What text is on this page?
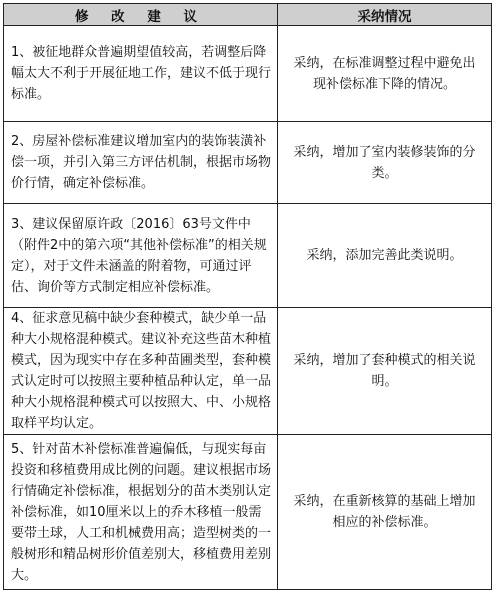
修 改 建 议	采纳情况
1、被征地群众普遍期望值较高，若调整后降幅太大不利于开展征地工作，建议不低于现行标准。	采纳，在标准调整过程中避免出现补偿标准下降的情况。
2、房屋补偿标准建议增加室内的装饰装潢补偿一项，并引入第三方评估机制，根据市场物价行情，确定补偿标准。	采纳，增加了室内装修装饰的分类。
3、建议保留原许政〔2016〕63号文件中（附件2中的第六项“其他补偿标准”的相关规定），对于文件未涵盖的附着物，可通过评估、询价等方式制定相应补偿标准。	采纳，添加完善此类说明。
4、征求意见稿中缺少套种模式，缺少单一品种大小规格混种模式。建议补充这些苗木种植模式，因为现实中存在多种苗圃类型，套种模式认定时可以按照主要种植品种认定，单一品种大小规格混种模式可以按照大、中、小规格取样平均认定。	采纳，增加了套种模式的相关说明。
5、针对苗木补偿标准普遍偏低，与现实每亩投资和移植费用成比例的问题。建议根据市场行情确定补偿标准，根据划分的苗木类别认定补偿标准，如10厘米以上的乔木移植一般需要带土球，人工和机械费用高；造型树类的一般树形和精品树形价值差别大，移植费用差别大。	采纳，在重新核算的基础上增加相应的补偿标准。
